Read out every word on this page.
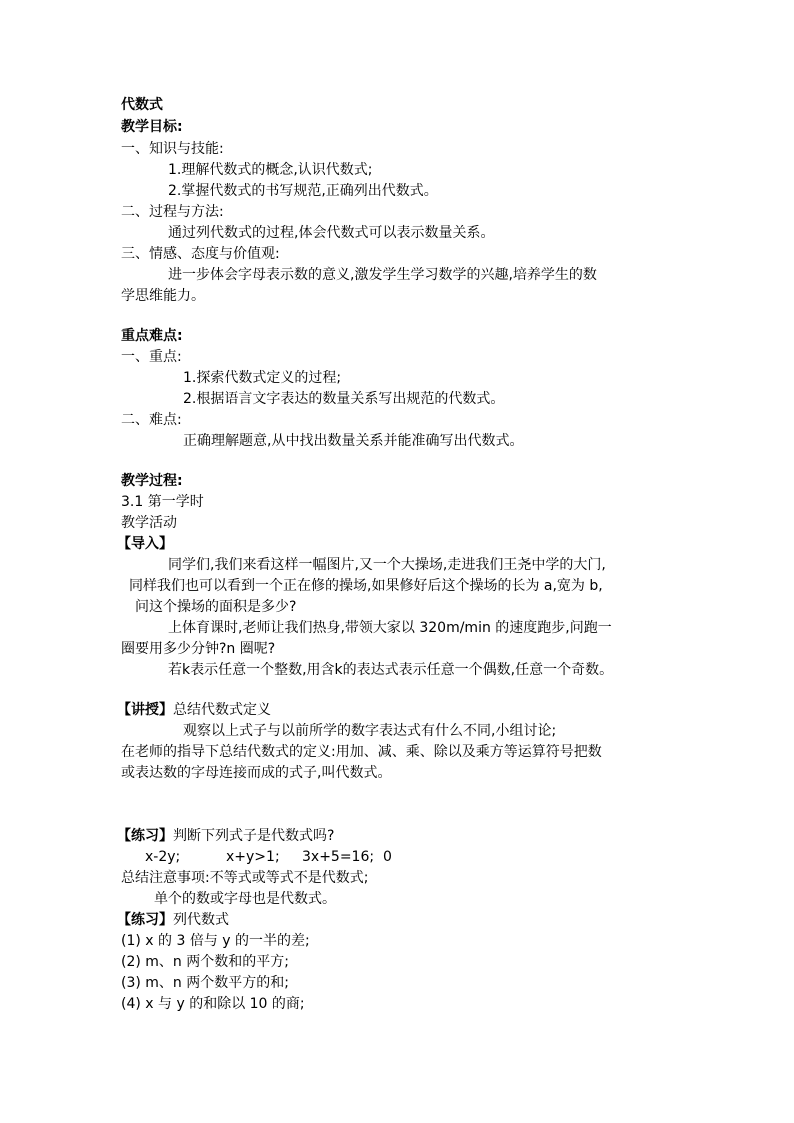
代数式
教学目标:
一、知识与技能:
1.理解代数式的概念,认识代数式;
2.掌握代数式的书写规范,正确列出代数式。
二、过程与方法:
通过列代数式的过程,体会代数式可以表示数量关系。
三、情感、态度与价值观:
进一步体会字母表示数的意义,激发学生学习数学的兴趣,培养学生的数
学思维能力。
重点难点:
一、重点:
1.探索代数式定义的过程;
2.根据语言文字表达的数量关系写出规范的代数式。
二、难点:
正确理解题意,从中找出数量关系并能准确写出代数式。
教学过程:
3.1 第一学时
教学活动
【导入】
同学们,我们来看这样一幅图片,又一个大操场,走进我们王尧中学的大门,
同样我们也可以看到一个正在修的操场,如果修好后这个操场的长为 a,宽为 b,
问这个操场的面积是多少?
上体育课时,老师让我们热身,带领大家以 320m/min 的速度跑步,问跑一
圈要用多少分钟?n 圈呢?
若k表示任意一个整数,用含k的表达式表示任意一个偶数,任意一个奇数。
【讲授】总结代数式定义
观察以上式子与以前所学的数字表达式有什么不同,小组讨论;
在老师的指导下总结代数式的定义:用加、减、乘、除以及乘方等运算符号把数
或表达数的字母连接而成的式子,叫代数式。
【练习】判断下列式子是代数式吗?
x-2y;	x+y>1; 3x+5=16; 0
总结注意事项:不等式或等式不是代数式;
单个的数或字母也是代数式。
【练习】列代数式
(1) x 的 3 倍与 y 的一半的差;
(2) m、n 两个数和的平方;
(3) m、n 两个数平方的和;
(4) x 与 y 的和除以 10 的商;
